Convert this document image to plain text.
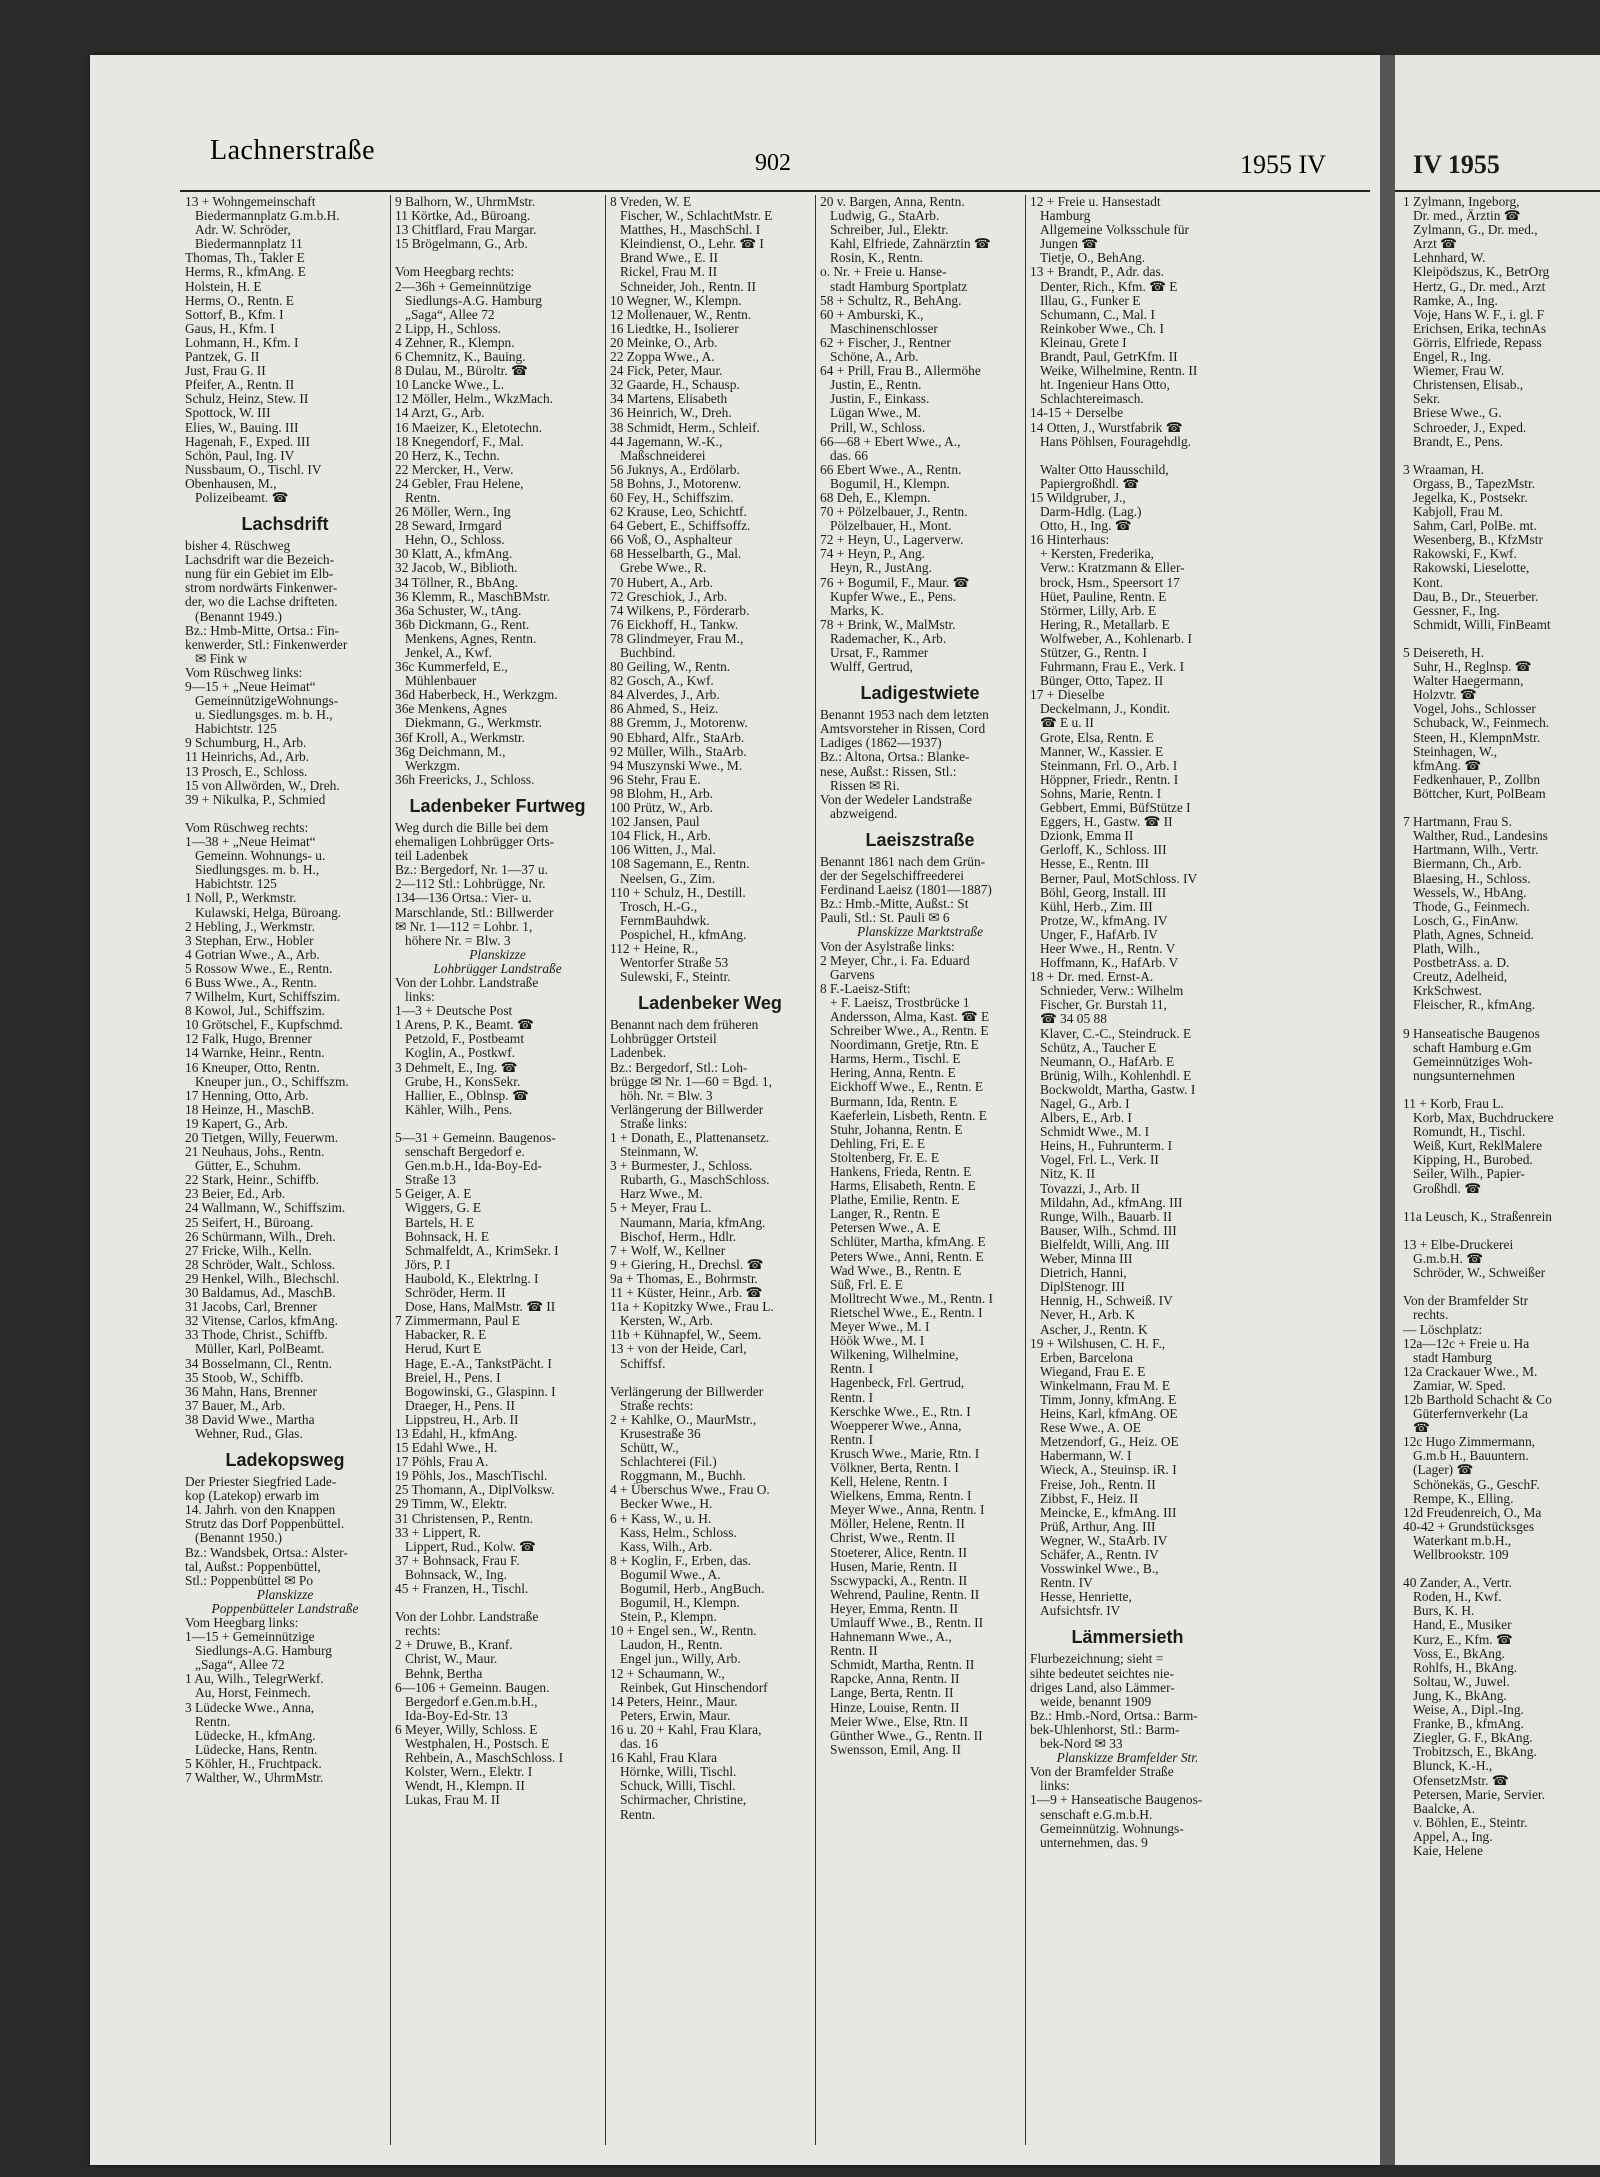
Lachnerstraße	902	1955 IV
13 + Wohngemeinschaft
Biedermannplatz G.m.b.H.
Adr. W. Schröder,
Biedermannplatz 11
Thomas, Th., Takler E
Herms, R., kfmAng. E
Holstein, H. E
Herms, O., Rentn. E
Sottorf, B., Kfm. I
Gaus, H., Kfm. I
Lohmann, H., Kfm. I
Pantzek, G. II
Just, Frau G. II
Pfeifer, A., Rentn. II
Schulz, Heinz, Stew. II
Spottock, W. III
Elies, W., Bauing. III
Hagenah, F., Exped. III
Schön, Paul, Ing. IV
Nussbaum, O., Tischl. IV
Obenhausen, M.,
Polizeibeamt. ☎
Lachsdrift
bisher 4. Rüschweg
Lachsdrift war die Bezeich-
nung für ein Gebiet im Elb-
strom nordwärts Finkenwer-
der, wo die Lachse drifteten.
(Benannt 1949.)
Bz.: Hmb-Mitte, Ortsa.: Fin-
kenwerder, Stl.: Finkenwerder
✉ Fink w
Vom Rüschweg links:
9—15 + „Neue Heimat“
GemeinnützigeWohnungs-
u. Siedlungsges. m. b. H.,
Habichtstr. 125
9 Schumburg, H., Arb.
11 Heinrichs, Ad., Arb.
13 Prosch, E., Schloss.
15 von Allwörden, W., Dreh.
39 + Nikulka, P., Schmied

Vom Rüschweg rechts:
1—38 + „Neue Heimat“
Gemeinn. Wohnungs- u.
Siedlungsges. m. b. H.,
Habichtstr. 125
1 Noll, P., Werkmstr.
Kulawski, Helga, Büroang.
2 Hebling, J., Werkmstr.
3 Stephan, Erw., Hobler
4 Gotrian Wwe., A., Arb.
5 Rossow Wwe., E., Rentn.
6 Buss Wwe., A., Rentn.
7 Wilhelm, Kurt, Schiffszim.
8 Kowol, Jul., Schiffszim.
10 Grötschel, F., Kupfschmd.
12 Falk, Hugo, Brenner
14 Warnke, Heinr., Rentn.
16 Kneuper, Otto, Rentn.
Kneuper jun., O., Schiffszm.
17 Henning, Otto, Arb.
18 Heinze, H., MaschB.
19 Kapert, G., Arb.
20 Tietgen, Willy, Feuerwm.
21 Neuhaus, Johs., Rentn.
Gütter, E., Schuhm.
22 Stark, Heinr., Schiffb.
23 Beier, Ed., Arb.
24 Wallmann, W., Schiffszim.
25 Seifert, H., Büroang.
26 Schürmann, Wilh., Dreh.
27 Fricke, Wilh., Kelln.
28 Schröder, Walt., Schloss.
29 Henkel, Wilh., Blechschl.
30 Baldamus, Ad., MaschB.
31 Jacobs, Carl, Brenner
32 Vitense, Carlos, kfmAng.
33 Thode, Christ., Schiffb.
Müller, Karl, PolBeamt.
34 Bosselmann, Cl., Rentn.
35 Stoob, W., Schiffb.
36 Mahn, Hans, Brenner
37 Bauer, M., Arb.
38 David Wwe., Martha
Wehner, Rud., Glas.
Ladekopsweg
Der Priester Siegfried Lade-
kop (Latekop) erwarb im
14. Jahrh. von den Knappen
Strutz das Dorf Poppenbüttel.
(Benannt 1950.)
Bz.: Wandsbek, Ortsa.: Alster-
tal, Außst.: Poppenbüttel,
Stl.: Poppenbüttel ✉ Po
Planskizze
Poppenbütteler Landstraße
Vom Heegbarg links:
1—15 + Gemeinnützige
Siedlungs-A.G. Hamburg
„Saga“, Allee 72
1 Au, Wilh., TelegrWerkf.
Au, Horst, Feinmech.
3 Lüdecke Wwe., Anna,
Rentn.
Lüdecke, H., kfmAng.
Lüdecke, Hans, Rentn.
5 Köhler, H., Fruchtpack.
7 Walther, W., UhrmMstr.
9 Balhorn, W., UhrmMstr.
11 Körtke, Ad., Büroang.
13 Chitflard, Frau Margar.
15 Brögelmann, G., Arb.

Vom Heegbarg rechts:
2—36h + Gemeinnützige
Siedlungs-A.G. Hamburg
„Saga“, Allee 72
2 Lipp, H., Schloss.
4 Zehner, R., Klempn.
6 Chemnitz, K., Bauing.
8 Dulau, M., Büroltr. ☎
10 Lancke Wwe., L.
12 Möller, Helm., WkzMach.
14 Arzt, G., Arb.
16 Maeizer, K., Eletotechn.
18 Knegendorf, F., Mal.
20 Herz, K., Techn.
22 Mercker, H., Verw.
24 Gebler, Frau Helene,
Rentn.
26 Möller, Wern., Ing
28 Seward, Irmgard
Hehn, O., Schloss.
30 Klatt, A., kfmAng.
32 Jacob, W., Biblioth.
34 Töllner, R., BbAng.
36 Klemm, R., MaschBMstr.
36a Schuster, W., tAng.
36b Dickmann, G., Rent.
Menkens, Agnes, Rentn.
Jenkel, A., Kwf.
36c Kummerfeld, E.,
Mühlenbauer
36d Haberbeck, H., Werkzgm.
36e Menkens, Agnes
Diekmann, G., Werkmstr.
36f Kroll, A., Werkmstr.
36g Deichmann, M.,
Werkzgm.
36h Freericks, J., Schloss.
Ladenbeker Furtweg
Weg durch die Bille bei dem
ehemaligen Lohbrügger Orts-
teil Ladenbek
Bz.: Bergedorf, Nr. 1—37 u.
2—112 Stl.: Lohbrügge, Nr.
134—136 Ortsa.: Vier- u.
Marschlande, Stl.: Billwerder
✉ Nr. 1—112 = Lohbr. 1,
höhere Nr. = Blw. 3
Planskizze
Lohbrügger Landstraße
Von der Lohbr. Landstraße
links:
1—3 + Deutsche Post
1 Arens, P. K., Beamt. ☎
Petzold, F., Postbeamt
Koglin, A., Postkwf.
3 Dehmelt, E., Ing. ☎
Grube, H., KonsSekr.
Hallier, E., Oblnsp. ☎
Kähler, Wilh., Pens.

5—31 + Gemeinn. Baugenos-
senschaft Bergedorf e.
Gen.m.b.H., Ida-Boy-Ed-
Straße 13
5 Geiger, A. E
Wiggers, G. E
Bartels, H. E
Bohnsack, H. E
Schmalfeldt, A., KrimSekr. I
Jörs, P. I
Haubold, K., Elektrlng. I
Schröder, Herm. II
Dose, Hans, MalMstr. ☎ II
7 Zimmermann, Paul E
Habacker, R. E
Herud, Kurt E
Hage, E.-A., TankstPächt. I
Breiel, H., Pens. I
Bogowinski, G., Glaspinn. I
Draeger, H., Pens. II
Lippstreu, H., Arb. II
13 Edahl, H., kfmAng.
15 Edahl Wwe., H.
17 Pöhls, Frau A.
19 Pöhls, Jos., MaschTischl.
25 Thomann, A., DiplVolksw.
29 Timm, W., Elektr.
31 Christensen, P., Rentn.
33 + Lippert, R.
Lippert, Rud., Kolw. ☎
37 + Bohnsack, Frau F.
Bohnsack, W., Ing.
45 + Franzen, H., Tischl.

Von der Lohbr. Landstraße
rechts:
2 + Druwe, B., Kranf.
Christ, W., Maur.
Behnk, Bertha
6—106 + Gemeinn. Baugen.
Bergedorf e.Gen.m.b.H.,
Ida-Boy-Ed-Str. 13
6 Meyer, Willy, Schloss. E
Westphalen, H., Postsch. E
Rehbein, A., MaschSchloss. I
Kolster, Wern., Elektr. I
Wendt, H., Klempn. II
Lukas, Frau M. II
8 Vreden, W. E
Fischer, W., SchlachtMstr. E
Matthes, H., MaschSchl. I
Kleindienst, O., Lehr. ☎ I
Brand Wwe., E. II
Rickel, Frau M. II
Schneider, Joh., Rentn. II
10 Wegner, W., Klempn.
12 Mollenauer, W., Rentn.
16 Liedtke, H., Isolierer
20 Meinke, O., Arb.
22 Zoppa Wwe., A.
24 Fick, Peter, Maur.
32 Gaarde, H., Schausp.
34 Martens, Elisabeth
36 Heinrich, W., Dreh.
38 Schmidt, Herm., Schleif.
44 Jagemann, W.-K.,
Maßschneiderei
56 Juknys, A., Erdölarb.
58 Bohns, J., Motorenw.
60 Fey, H., Schiffszim.
62 Krause, Leo, Schichtf.
64 Gebert, E., Schiffsoffz.
66 Voß, O., Asphalteur
68 Hesselbarth, G., Mal.
Grebe Wwe., R.
70 Hubert, A., Arb.
72 Greschiok, J., Arb.
74 Wilkens, P., Förderarb.
76 Eickhoff, H., Tankw.
78 Glindmeyer, Frau M.,
Buchbind.
80 Geiling, W., Rentn.
82 Gosch, A., Kwf.
84 Alverdes, J., Arb.
86 Ahmed, S., Heiz.
88 Gremm, J., Motorenw.
90 Ebhard, Alfr., StaArb.
92 Müller, Wilh., StaArb.
94 Muszynski Wwe., M.
96 Stehr, Frau E.
98 Blohm, H., Arb.
100 Prütz, W., Arb.
102 Jansen, Paul
104 Flick, H., Arb.
106 Witten, J., Mal.
108 Sagemann, E., Rentn.
Neelsen, G., Zim.
110 + Schulz, H., Destill.
Trosch, H.-G.,
FernmBauhdwk.
Pospichel, H., kfmAng.
112 + Heine, R.,
Wentorfer Straße 53
Sulewski, F., Steintr.
Ladenbeker Weg
Benannt nach dem früheren
Lohbrügger Ortsteil
Ladenbek.
Bz.: Bergedorf, Stl.: Loh-
brügge ✉ Nr. 1—60 = Bgd. 1,
höh. Nr. = Blw. 3
Verlängerung der Billwerder
Straße links:
1 + Donath, E., Plattenansetz.
Steinmann, W.
3 + Burmester, J., Schloss.
Rubarth, G., MaschSchloss.
Harz Wwe., M.
5 + Meyer, Frau L.
Naumann, Maria, kfmAng.
Bischof, Herm., Hdlr.
7 + Wolf, W., Kellner
9 + Giering, H., Drechsl. ☎
9a + Thomas, E., Bohrmstr.
11 + Küster, Heinr., Arb. ☎
11a + Kopitzky Wwe., Frau L.
Kersten, W., Arb.
11b + Kühnapfel, W., Seem.
13 + von der Heide, Carl,
Schiffsf.

Verlängerung der Billwerder
Straße rechts:
2 + Kahlke, O., MaurMstr.,
Krusestraße 36
Schütt, W.,
Schlachterei (Fil.)
Roggmann, M., Buchh.
4 + Überschus Wwe., Frau O.
Becker Wwe., H.
6 + Kass, W., u. H.
Kass, Helm., Schloss.
Kass, Wilh., Arb.
8 + Koglin, F., Erben, das.
Bogumil Wwe., A.
Bogumil, Herb., AngBuch.
Bogumil, H., Klempn.
Stein, P., Klempn.
10 + Engel sen., W., Rentn.
Laudon, H., Rentn.
Engel jun., Willy, Arb.
12 + Schaumann, W.,
Reinbek, Gut Hinschendorf
14 Peters, Heinr., Maur.
Peters, Erwin, Maur.
16 u. 20 + Kahl, Frau Klara,
das. 16
16 Kahl, Frau Klara
Hörnke, Willi, Tischl.
Schuck, Willi, Tischl.
Schirmacher, Christine,
Rentn.
20 v. Bargen, Anna, Rentn.
Ludwig, G., StaArb.
Schreiber, Jul., Elektr.
Kahl, Elfriede, Zahnärztin ☎
Rosin, K., Rentn.
o. Nr. + Freie u. Hanse-
stadt Hamburg Sportplatz
58 + Schultz, R., BehAng.
60 + Amburski, K.,
Maschinenschlosser
62 + Fischer, J., Rentner
Schöne, A., Arb.
64 + Prill, Frau B., Allermöhe
Justin, E., Rentn.
Justin, F., Einkass.
Lügan Wwe., M.
Prill, W., Schloss.
66—68 + Ebert Wwe., A.,
das. 66
66 Ebert Wwe., A., Rentn.
Bogumil, H., Klempn.
68 Deh, E., Klempn.
70 + Pölzelbauer, J., Rentn.
Pölzelbauer, H., Mont.
72 + Heyn, U., Lagerverw.
74 + Heyn, P., Ang.
Heyn, R., JustAng.
76 + Bogumil, F., Maur. ☎
Kupfer Wwe., E., Pens.
Marks, K.
78 + Brink, W., MalMstr.
Rademacher, K., Arb.
Ursat, F., Rammer
Wulff, Gertrud,
Ladigestwiete
Benannt 1953 nach dem letzten
Amtsvorsteher in Rissen, Cord
Ladiges (1862—1937)
Bz.: Altona, Ortsa.: Blanke-
nese, Außst.: Rissen, Stl.:
Rissen ✉ Ri.
Von der Wedeler Landstraße
abzweigend.
Laeiszstraße
Benannt 1861 nach dem Grün-
der der Segelschiffreederei
Ferdinand Laeisz (1801—1887)
Bz.: Hmb.-Mitte, Außst.: St
Pauli, Stl.: St. Pauli ✉ 6
Planskizze Marktstraße
Von der Asylstraße links:
2 Meyer, Chr., i. Fa. Eduard
Garvens
8 F.-Laeisz-Stift:
+ F. Laeisz, Trostbrücke 1
Andersson, Alma, Kast. ☎ E
Schreiber Wwe., A., Rentn. E
Noordimann, Gretje, Rtn. E
Harms, Herm., Tischl. E
Hering, Anna, Rentn. E
Eickhoff Wwe., E., Rentn. E
Burmann, Ida, Rentn. E
Kaeferlein, Lisbeth, Rentn. E
Stuhr, Johanna, Rentn. E
Dehling, Fri, E. E
Stoltenberg, Fr. E. E
Hankens, Frieda, Rentn. E
Harms, Elisabeth, Rentn. E
Plathe, Emilie, Rentn. E
Langer, R., Rentn. E
Petersen Wwe., A. E
Schlüter, Martha, kfmAng. E
Peters Wwe., Anni, Rentn. E
Wad Wwe., B., Rentn. E
Süß, Frl. E. E
Molltrecht Wwe., M., Rentn. I
Rietschel Wwe., E., Rentn. I
Meyer Wwe., M. I
Höök Wwe., M. I
Wilkening, Wilhelmine,
Rentn. I
Hagenbeck, Frl. Gertrud,
Rentn. I
Kerschke Wwe., E., Rtn. I
Woepperer Wwe., Anna,
Rentn. I
Krusch Wwe., Marie, Rtn. I
Völkner, Berta, Rentn. I
Kell, Helene, Rentn. I
Wielkens, Emma, Rentn. I
Meyer Wwe., Anna, Rentn. I
Möller, Helene, Rentn. II
Christ, Wwe., Rentn. II
Stoeterer, Alice, Rentn. II
Husen, Marie, Rentn. II
Sscwypacki, A., Rentn. II
Wehrend, Pauline, Rentn. II
Heyer, Emma, Rentn. II
Umlauff Wwe., B., Rentn. II
Hahnemann Wwe., A.,
Rentn. II
Schmidt, Martha, Rentn. II
Rapcke, Anna, Rentn. II
Lange, Berta, Rentn. II
Hinze, Louise, Rentn. II
Meier Wwe., Else, Rtn. II
Günther Wwe., G., Rentn. II
Swensson, Emil, Ang. II
12 + Freie u. Hansestadt
Hamburg
Allgemeine Volksschule für
Jungen ☎
Tietje, O., BehAng.
13 + Brandt, P., Adr. das.
Denter, Rich., Kfm. ☎ E
Illau, G., Funker E
Schumann, C., Mal. I
Reinkober Wwe., Ch. I
Kleinau, Grete I
Brandt, Paul, GetrKfm. II
Weike, Wilhelmine, Rentn. II
ht. Ingenieur Hans Otto,
Schlachtereimasch.
14-15 + Derselbe
14 Otten, J., Wurstfabrik ☎
Hans Pöhlsen, Fouragehdlg.

Walter Otto Hausschild,
Papiergroßhdl. ☎
15 Wildgruber, J.,
Darm-Hdlg. (Lag.)
Otto, H., Ing. ☎
16 Hinterhaus:
+ Kersten, Frederika,
Verw.: Kratzmann & Eller-
brock, Hsm., Speersort 17
Hüet, Pauline, Rentn. E
Störmer, Lilly, Arb. E
Hering, R., Metallarb. E
Wolfweber, A., Kohlenarb. I
Stützer, G., Rentn. I
Fuhrmann, Frau E., Verk. I
Bünger, Otto, Tapez. II
17 + Dieselbe
Deckelmann, J., Kondit.
☎ E u. II
Grote, Elsa, Rentn. E
Manner, W., Kassier. E
Steinmann, Frl. O., Arb. I
Höppner, Friedr., Rentn. I
Sohns, Marie, Rentn. I
Gebbert, Emmi, BüfStütze I
Eggers, H., Gastw. ☎ II
Dzionk, Emma II
Gerloff, K., Schloss. III
Hesse, E., Rentn. III
Berner, Paul, MotSchloss. IV
Böhl, Georg, Install. III
Kühl, Herb., Zim. III
Protze, W., kfmAng. IV
Unger, F., HafArb. IV
Heer Wwe., H., Rentn. V
Hoffmann, K., HafArb. V
18 + Dr. med. Ernst-A.
Schnieder, Verw.: Wilhelm
Fischer, Gr. Burstah 11,
☎ 34 05 88
Klaver, C.-C., Steindruck. E
Schütz, A., Taucher E
Neumann, O., HafArb. E
Brünig, Wilh., Kohlenhdl. E
Bockwoldt, Martha, Gastw. I
Nagel, G., Arb. I
Albers, E., Arb. I
Schmidt Wwe., M. I
Heins, H., Fuhrunterm. I
Vogel, Frl. L., Verk. II
Nitz, K. II
Tovazzi, J., Arb. II
Mildahn, Ad., kfmAng. III
Runge, Wilh., Bauarb. II
Bauser, Wilh., Schmd. III
Bielfeldt, Willi, Ang. III
Weber, Minna III
Dietrich, Hanni,
DiplStenogr. III
Hennig, H., Schweiß. IV
Never, H., Arb. K
Ascher, J., Rentn. K
19 + Wilshusen, C. H. F.,
Erben, Barcelona
Wiegand, Frau E. E
Winkelmann, Frau M. E
Timm, Jonny, kfmAng. E
Heins, Karl, kfmAng. OE
Rese Wwe., A. OE
Metzendorf, G., Heiz. OE
Habermann, W. I
Wieck, A., Steuinsp. iR. I
Freise, Joh., Rentn. II
Zibbst, F., Heiz. II
Meincke, E., kfmAng. III
Prüß, Arthur, Ang. III
Wegner, W., StaArb. IV
Schäfer, A., Rentn. IV
Vosswinkel Wwe., B.,
Rentn. IV
Hesse, Henriette,
Aufsichtsfr. IV
Lämmersieth
Flurbezeichnung; sieht =
sihte bedeutet seichtes nie-
driges Land, also Lämmer-
weide, benannt 1909
Bz.: Hmb.-Nord, Ortsa.: Barm-
bek-Uhlenhorst, Stl.: Barm-
bek-Nord ✉ 33
Planskizze Bramfelder Str.
Von der Bramfelder Straße
links:
1—9 + Hanseatische Baugenos-
senschaft e.G.m.b.H.
Gemeinnützig. Wohnungs-
unternehmen, das. 9
IV 1955
1 Zylmann, Ingeborg,
Dr. med., Ärztin ☎
Zylmann, G., Dr. med.,
Arzt ☎
Lehnhard, W.
Kleipödszus, K., BetrOrg
Hertz, G., Dr. med., Arzt
Ramke, A., Ing.
Voje, Hans W. F., i. gl. F
Erichsen, Erika, technAs
Görris, Elfriede, Repass
Engel, R., Ing.
Wiemer, Frau W.
Christensen, Elisab.,
Sekr.
Briese Wwe., G.
Schroeder, J., Exped.
Brandt, E., Pens.

3 Wraaman, H.
Orgass, B., TapezMstr.
Jegelka, K., Postsekr.
Kabjoll, Frau M.
Sahm, Carl, PolBe. mt.
Wesenberg, B., KfzMstr
Rakowski, F., Kwf.
Rakowski, Lieselotte,
Kont.
Dau, B., Dr., Steuerber.
Gessner, F., Ing.
Schmidt, Willi, FinBeamt

5 Deisereth, H.
Suhr, H., Reglnsp. ☎
Walter Haegermann,
Holzvtr. ☎
Vogel, Johs., Schlosser
Schuback, W., Feinmech.
Steen, H., KlempnMstr.
Steinhagen, W.,
kfmAng. ☎
Fedkenhauer, P., Zollbn
Böttcher, Kurt, PolBeam

7 Hartmann, Frau S.
Walther, Rud., Landesins
Hartmann, Wilh., Vertr.
Biermann, Ch., Arb.
Blaesing, H., Schloss.
Wessels, W., HbAng.
Thode, G., Feinmech.
Losch, G., FinAnw.
Plath, Agnes, Schneid.
Plath, Wilh.,
PostbetrAss. a. D.
Creutz, Adelheid,
KrkSchwest.
Fleischer, R., kfmAng.

9 Hanseatische Baugenos
schaft Hamburg e.Gm
Gemeinnütziges Woh-
nungsunternehmen

11 + Korb, Frau L.
Korb, Max, Buchdruckere
Romundt, H., Tischl.
Weiß, Kurt, ReklMalere
Kipping, H., Burobed.
Seiler, Wilh., Papier-
Großhdl. ☎

11a Leusch, K., Straßenrein

13 + Elbe-Druckerei
G.m.b.H. ☎
Schröder, W., Schweißer

Von der Bramfelder Str
rechts.
— Löschplatz:
12a—12c + Freie u. Ha
stadt Hamburg
12a Crackauer Wwe., M.
Zamiar, W. Sped.
12b Barthold Schacht & Co
Güterfernverkehr (La
☎
12c Hugo Zimmermann,
G.m.b H., Bauuntern.
(Lager) ☎
Schönekäs, G., GeschF.
Rempe, K., Elling.
12d Freudenreich, O., Ma
40-42 + Grundstücksges
Waterkant m.b.H.,
Wellbrookstr. 109

40 Zander, A., Vertr.
Roden, H., Kwf.
Burs, K. H.
Hand, E., Musiker
Kurz, E., Kfm. ☎
Voss, E., BkAng.
Rohlfs, H., BkAng.
Soltau, W., Juwel.
Jung, K., BkAng.
Weise, A., Dipl.-Ing.
Franke, B., kfmAng.
Ziegler, G. F., BkAng.
Trobitzsch, E., BkAng.
Blunck, K.-H.,
OfensetzMstr. ☎
Petersen, Marie, Servier.
Baalcke, A.
v. Böhlen, E., Steintr.
Appel, A., Ing.
Kaie, Helene
